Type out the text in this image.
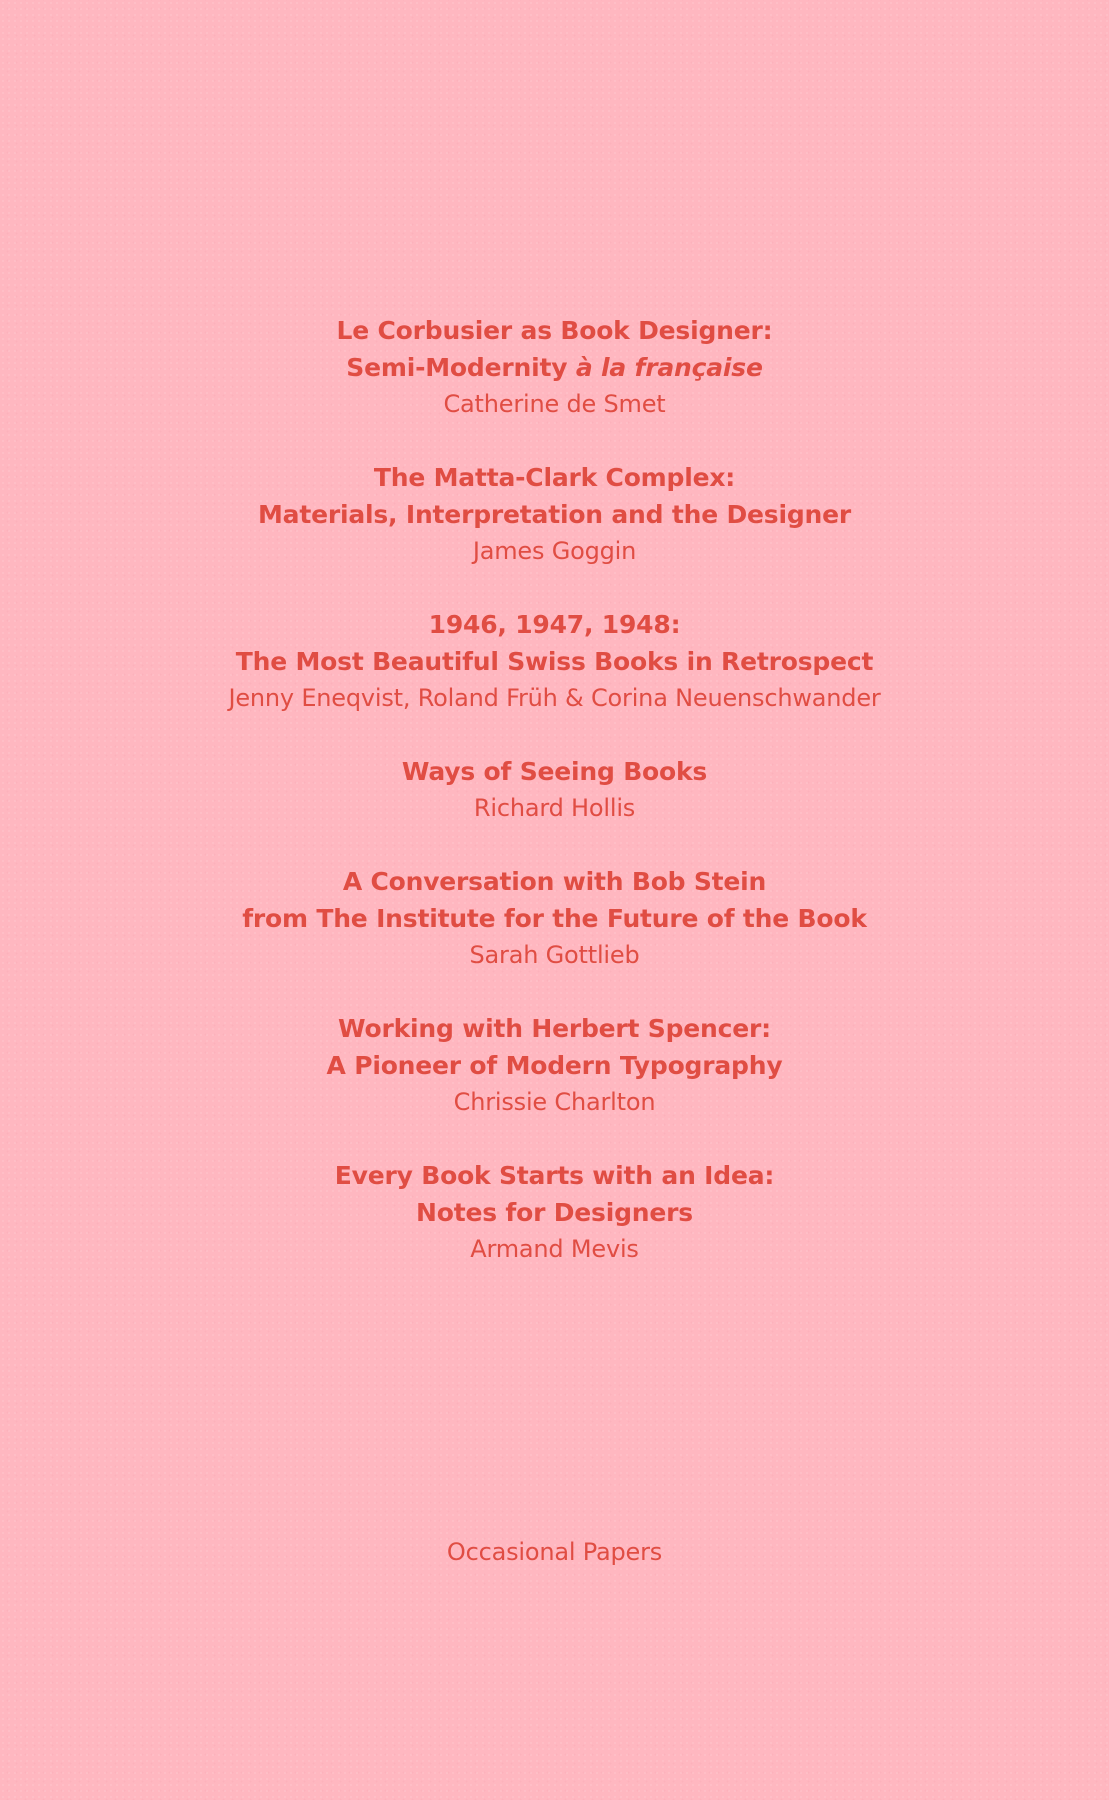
Le Corbusier as Book Designer:
Semi-Modernity à la française
Catherine de Smet
The Matta-Clark Complex:
Materials, Interpretation and the Designer
James Goggin
1946, 1947, 1948:
The Most Beautiful Swiss Books in Retrospect
Jenny Eneqvist, Roland Früh & Corina Neuenschwander
Ways of Seeing Books
Richard Hollis
A Conversation with Bob Stein
from The Institute for the Future of the Book
Sarah Gottlieb
Working with Herbert Spencer:
A Pioneer of Modern Typography
Chrissie Charlton
Every Book Starts with an Idea:
Notes for Designers
Armand Mevis
Occasional Papers
